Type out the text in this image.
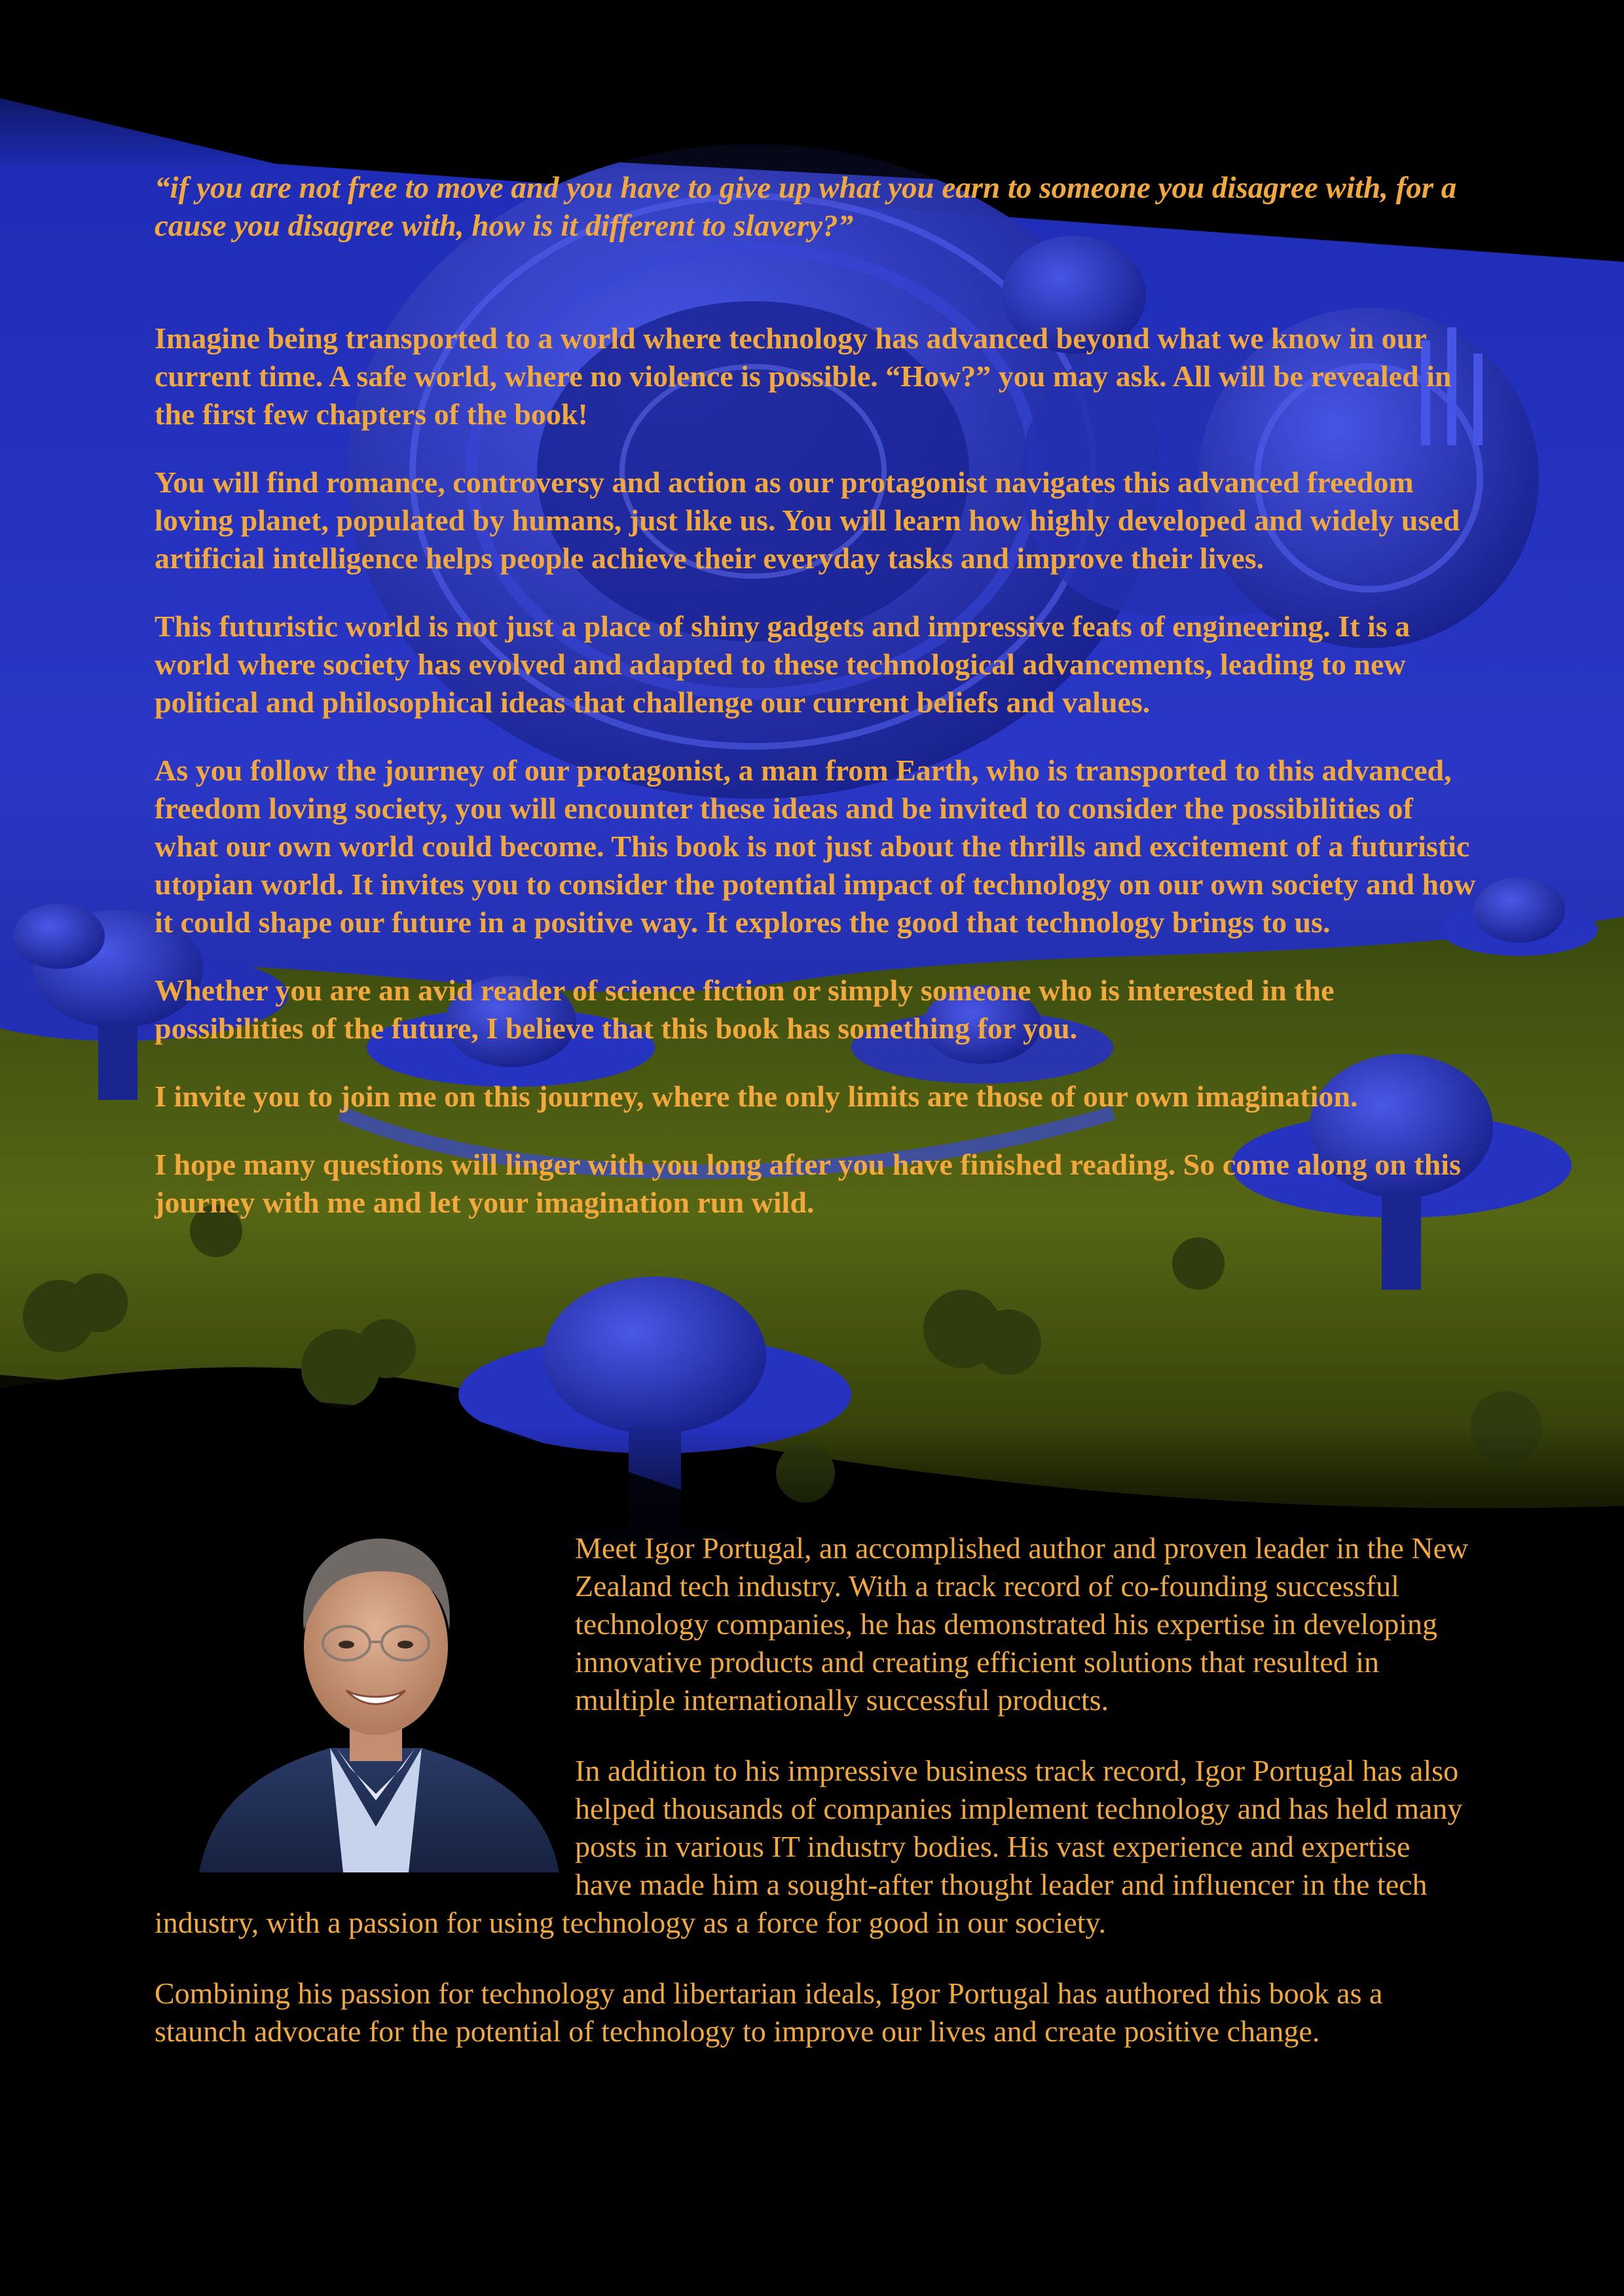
“if you are not free to move and you have to give up what you earn to someone you disagree with, for a cause you disagree with, how is it different to slavery?”

Imagine being transported to a world where technology has advanced beyond what we know in our current time. A safe world, where no violence is possible. “How?” you may ask. All will be revealed in the first few chapters of the book!

You will find romance, controversy and action as our protagonist navigates this advanced freedom loving planet, populated by humans, just like us. You will learn how highly developed and widely used artificial intelligence helps people achieve their everyday tasks and improve their lives.

This futuristic world is not just a place of shiny gadgets and impressive feats of engineering. It is a world where society has evolved and adapted to these technological advancements, leading to new political and philosophical ideas that challenge our current beliefs and values.

As you follow the journey of our protagonist, a man from Earth, who is transported to this advanced, freedom loving society, you will encounter these ideas and be invited to consider the possibilities of what our own world could become. This book is not just about the thrills and excitement of a futuristic utopian world. It invites you to consider the potential impact of technology on our own society and how it could shape our future in a positive way. It explores the good that technology brings to us.

Whether you are an avid reader of science fiction or simply someone who is interested in the possibilities of the future, I believe that this book has something for you.

I invite you to join me on this journey, where the only limits are those of our own imagination.

I hope many questions will linger with you long after you have finished reading. So come along on this journey with me and let your imagination run wild.

Meet Igor Portugal, an accomplished author and proven leader in the New Zealand tech industry. With a track record of co-founding successful technology companies, he has demonstrated his expertise in developing innovative products and creating efficient solutions that resulted in multiple internationally successful products.

In addition to his impressive business track record, Igor Portugal has also helped thousands of companies implement technology and has held many posts in various IT industry bodies. His vast experience and expertise have made him a sought-after thought leader and influencer in the tech industry, with a passion for using technology as a force for good in our society.

Combining his passion for technology and libertarian ideals, Igor Portugal has authored this book as a staunch advocate for the potential of technology to improve our lives and create positive change.
